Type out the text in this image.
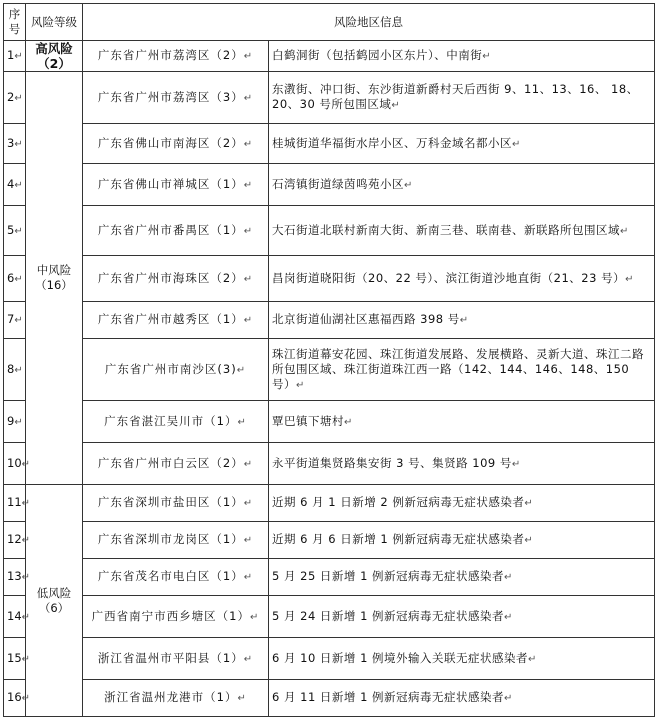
序号	风险等级	风险地区信息	
1↵	高风险（2）	广东省广州市荔湾区（2）↵	白鹤洞街（包括鹤园小区东片）、中南街↵
2↵	中风险（16）	广东省广州市荔湾区（3）↵	东漖街、冲口街、东沙街道新爵村天后西街 9、11、13、16、 18、20、30 号所包围区域↵
3↵		广东省佛山市南海区（2）↵	桂城街道华福街水岸小区、万科金域名都小区↵
4↵		广东省佛山市禅城区（1）↵	石湾镇街道绿茵鸣苑小区↵
5↵		广东省广州市番禺区（1）↵	大石街道北联村新南大街、新南三巷、联南巷、新联路所包围区域↵
6↵		广东省广州市海珠区（2）↵	昌岗街道晓阳街（20、22 号）、滨江街道沙地直街（21、23 号）↵
7↵		广东省广州市越秀区（1）↵	北京街道仙湖社区惠福西路 398 号↵
8↵		广东省广州市南沙区(3)↵	珠江街道幕安花园、珠江街道发展路、发展横路、灵新大道、珠江二路所包围区域、珠江街道珠江西一路（142、144、146、148、150 号）↵
9↵		广东省湛江吴川市（1）↵	覃巴镇下塘村↵
10↵		广东省广州市白云区（2）↵	永平街道集贤路集安街 3 号、集贤路 109 号↵
11↵	低风险（6）	广东省深圳市盐田区（1）↵	近期 6 月 1 日新增 2 例新冠病毒无症状感染者↵
12↵		广东省深圳市龙岗区（1）↵	近期 6 月 6 日新增 1 例新冠病毒无症状感染者↵
13↵		广东省茂名市电白区（1）↵	5 月 25 日新增 1 例新冠病毒无症状感染者↵
14↵		广西省南宁市西乡塘区（1）↵	5 月 24 日新增 1 例新冠病毒无症状感染者↵
15↵		浙江省温州市平阳县（1）↵	6 月 10 日新增 1 例境外输入关联无症状感染者↵
16↵		浙江省温州龙港市（1）↵	6 月 11 日新增 1 例新冠病毒无症状感染者↵
